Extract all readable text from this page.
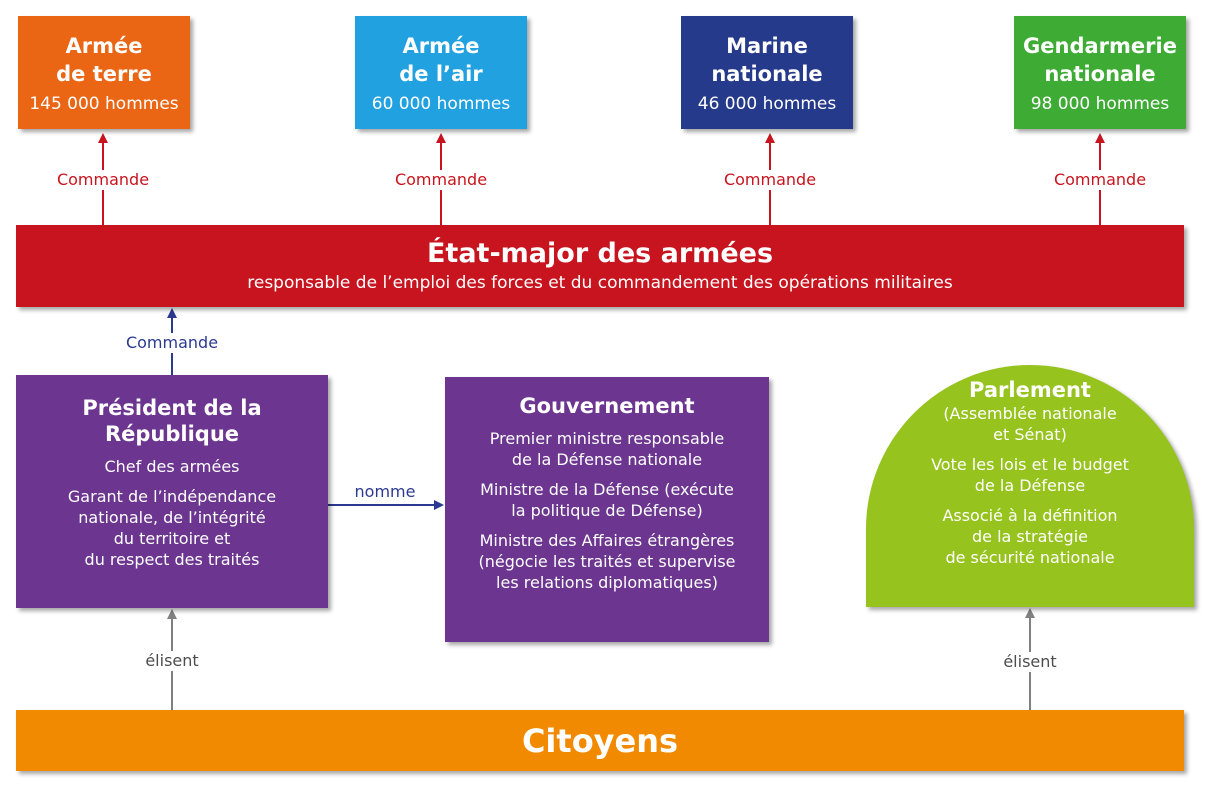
Armée
de terre
145 000 hommes
Armée
de l’air
60 000 hommes
Marine
nationale
46 000 hommes
Gendarmerie
nationale
98 000 hommes
Commande	Commande	Commande	Commande
État-major des armées
responsable de l’emploi des forces et du commandement des opérations militaires
Commande
Président de la
République
Chef des armées
Garant de l’indépendance
nationale, de l’intégrité
du territoire et
du respect des traités
nomme
Gouvernement
Premier ministre responsable
de la Défense nationale
Ministre de la Défense (exécute
la politique de Défense)
Ministre des Affaires étrangères
(négocie les traités et supervise
les relations diplomatiques)
Parlement
(Assemblée nationale
et Sénat)
Vote les lois et le budget
de la Défense
Associé à la définition
de la stratégie
de sécurité nationale
élisent	élisent
Citoyens
